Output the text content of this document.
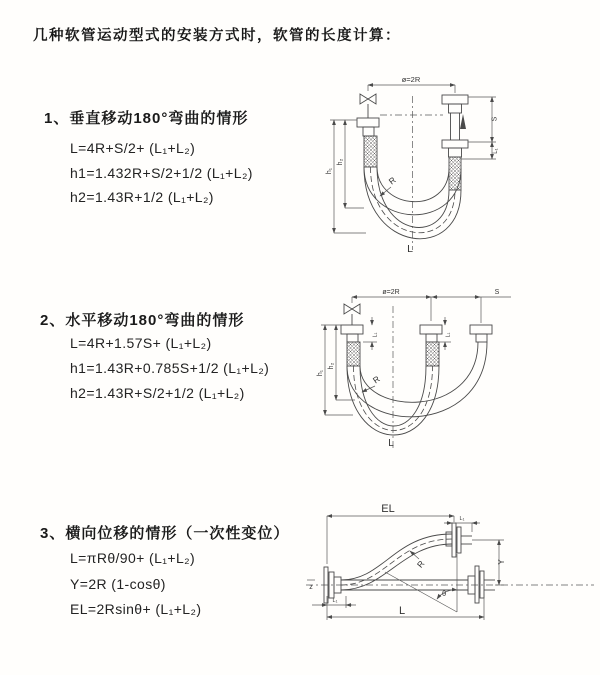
几种软管运动型式的安装方式时，软管的长度计算：
1、垂直移动180°弯曲的情形
L=4R+S/2+ (L₁+L₂)
h1=1.432R+S/2+1/2 (L₁+L₂)
h2=1.43R+1/2 (L₁+L₂)
2、水平移动180°弯曲的情形
L=4R+1.57S+ (L₁+L₂)
h1=1.43R+0.785S+1/2 (L₁+L₂)
h2=1.43R+S/2+1/2 (L₁+L₂)
3、横向位移的情形（一次性变位）
L=πRθ/90+ (L₁+L₂)
Y=2R (1-cosθ)
EL=2Rsinθ+ (L₁+L₂)
ø=2R
S
L₁
h₁
h₂
R
L
ø=2R	S
L₁	L₁
h₁
h₂
R
L
z
EL
L₁
Y
θ
R
L₁
L
